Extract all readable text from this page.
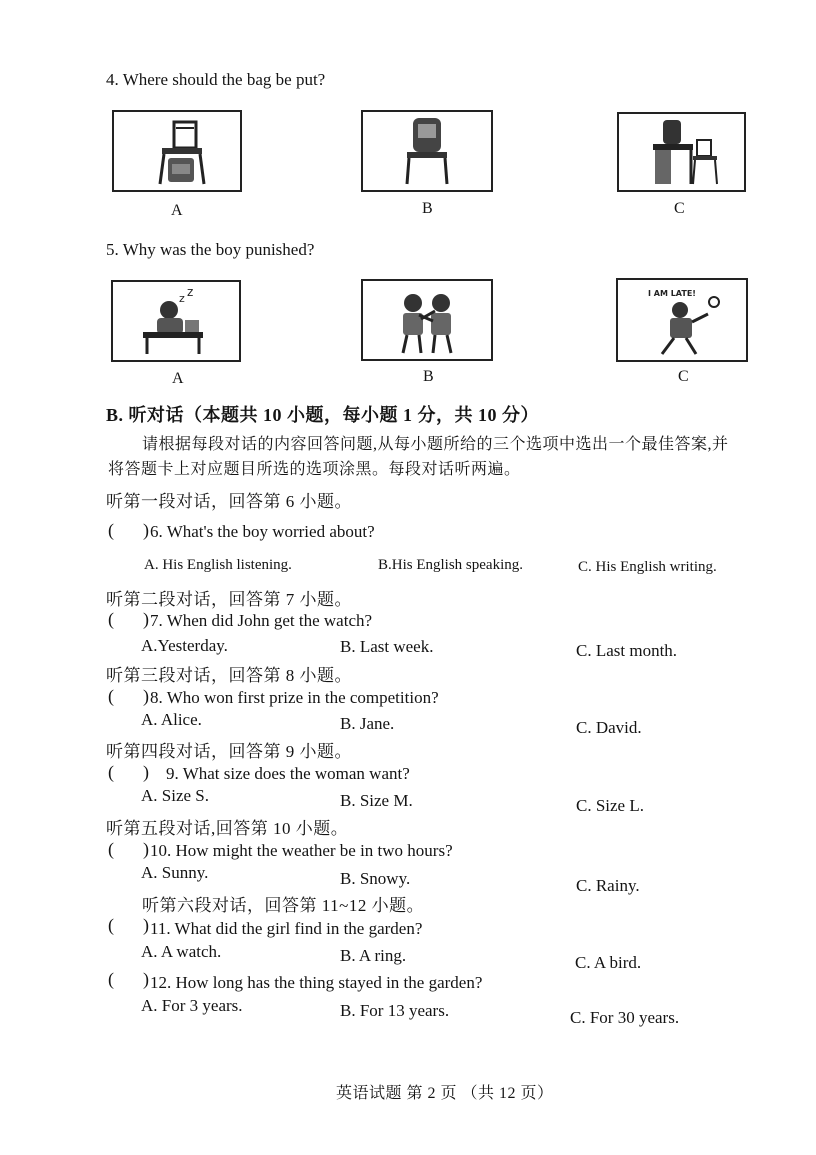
4. Where should the bag be put?
A	B	C
5. Why was the boy punished?
z z
A	B
I AM LATE!
C
B. 听对话（本题共 10 小题，每小题 1 分，共 10 分）
请根据每段对话的内容回答问题,从每小题所给的三个选项中选出一个最佳答案,并
将答题卡上对应题目所选的选项涂黑。每段对话听两遍。
听第一段对话，回答第 6 小题。
( ) 6. What's the boy worried about?
A. His English listening.	B.His English speaking.	C. His English writing.
听第二段对话，回答第 7 小题。
( ) 7. When did John get the watch?
A.Yesterday.	B. Last week.	C. Last month.
听第三段对话，回答第 8 小题。
( ) 8. Who won first prize in the competition?
A. Alice.	B. Jane.	C. David.
听第四段对话，回答第 9 小题。
( ) 9. What size does the woman want?
A. Size S.	B. Size M.	C. Size L.
听第五段对话,回答第 10 小题。
( ) 10. How might the weather be in two hours?
A. Sunny.	B. Snowy.	C. Rainy.
听第六段对话，回答第 11~12 小题。
( ) 11. What did the girl find in the garden?
A. A watch.	B. A ring.	C. A bird.
( ) 12. How long has the thing stayed in the garden?
A. For 3 years.	B. For 13 years.	C. For 30 years.
英语试题 第 2 页 （共 12 页）
